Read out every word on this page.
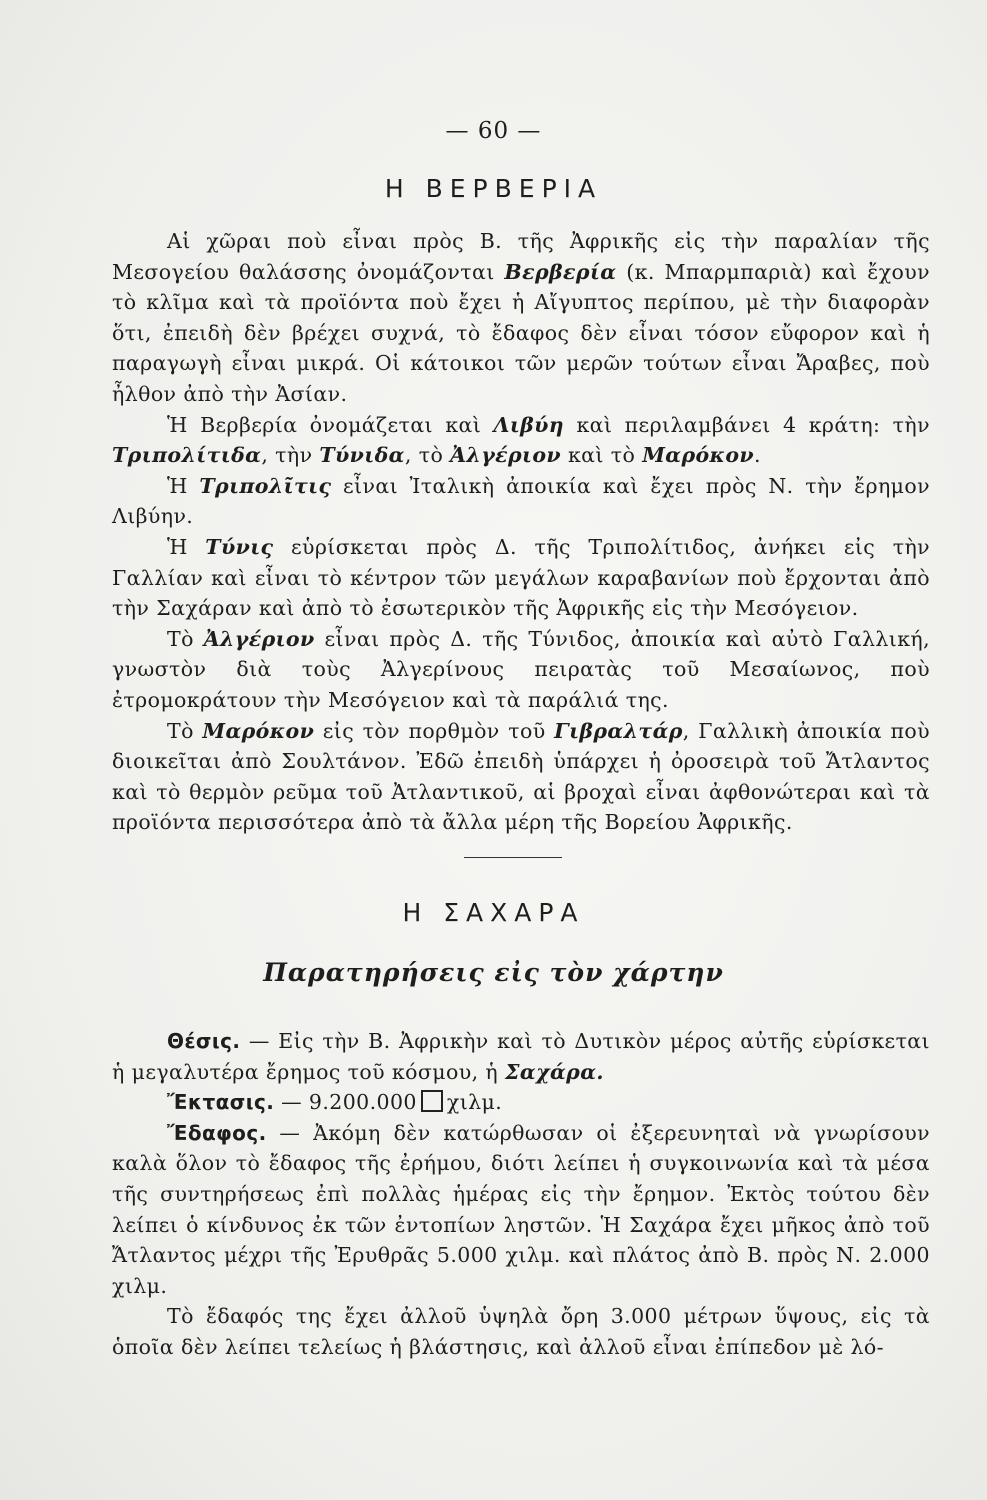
— 60 —
Η ΒΕΡΒΕΡΙΑ

Αἱ χῶραι ποὺ εἶναι πρὸς Β. τῆς Ἀφρικῆς εἰς τὴν παραλίαν τῆς Μεσογείου θαλάσσης ὀνομάζονται Βερβερία (κ. Μπαρμπαριὰ) καὶ ἔχουν τὸ κλῖμα καὶ τὰ προϊόντα ποὺ ἔχει ἡ Αἴγυπτος περίπου, μὲ τὴν διαφορὰν ὅτι, ἐπειδὴ δὲν βρέχει συχνά, τὸ ἔδαφος δὲν εἶναι τόσον εὔφορον καὶ ἡ παραγωγὴ εἶναι μικρά. Οἱ κάτοικοι τῶν μερῶν τούτων εἶναι Ἄραβες, ποὺ ἦλθον ἀπὸ τὴν Ἀσίαν.

Ἡ Βερβερία ὀνομάζεται καὶ Λιβύη καὶ περιλαμβάνει 4 κράτη: τὴν Τριπολίτιδα, τὴν Τύνιδα, τὸ Ἀλγέριον καὶ τὸ Μαρόκον.

Ἡ Τριπολῖτις εἶναι Ἰταλικὴ ἀποικία καὶ ἔχει πρὸς Ν. τὴν ἔρημον Λιβύην.

Ἡ Τύνις εὑρίσκεται πρὸς Δ. τῆς Τριπολίτιδος, ἀνήκει εἰς τὴν Γαλλίαν καὶ εἶναι τὸ κέντρον τῶν μεγάλων καραβανίων ποὺ ἔρχονται ἀπὸ τὴν Σαχάραν καὶ ἀπὸ τὸ ἐσωτερικὸν τῆς Ἀφρικῆς εἰς τὴν Μεσόγειον.

Τὸ Ἀλγέριον εἶναι πρὸς Δ. τῆς Τύνιδος, ἀποικία καὶ αὐτὸ Γαλλική, γνωστὸν διὰ τοὺς Ἀλγερίνους πειρατὰς τοῦ Μεσαίωνος, ποὺ ἐτρομοκράτουν τὴν Μεσόγειον καὶ τὰ παράλιά της.

Τὸ Μαρόκον εἰς τὸν πορθμὸν τοῦ Γιβραλτάρ, Γαλλικὴ ἀποικία ποὺ διοικεῖται ἀπὸ Σουλτάνον. Ἐδῶ ἐπειδὴ ὑπάρχει ἡ ὀροσειρὰ τοῦ Ἄτλαντος καὶ τὸ θερμὸν ρεῦμα τοῦ Ἀτλαντικοῦ, αἱ βροχαὶ εἶναι ἀφθονώτεραι καὶ τὰ προϊόντα περισσότερα ἀπὸ τὰ ἄλλα μέρη τῆς Βορείου Ἀφρικῆς.

Η ΣΑΧΑΡΑ
Παρατηρήσεις εἰς τὸν χάρτην

Θέσις. — Εἰς τὴν Β. Ἀφρικὴν καὶ τὸ Δυτικὸν μέρος αὐτῆς εὑρίσκεται ἡ μεγαλυτέρα ἔρημος τοῦ κόσμου, ἡ Σαχάρα.

Ἔκτασις. — 9.200.000 χιλμ.

Ἔδαφος. — Ἀκόμη δὲν κατώρθωσαν οἱ ἐξερευνηταὶ νὰ γνωρίσουν καλὰ ὅλον τὸ ἔδαφος τῆς ἐρήμου, διότι λείπει ἡ συγκοινωνία καὶ τὰ μέσα τῆς συντηρήσεως ἐπὶ πολλὰς ἡμέρας εἰς τὴν ἔρημον. Ἐκτὸς τούτου δὲν λείπει ὁ κίνδυνος ἐκ τῶν ἐντοπίων ληστῶν. Ἡ Σαχάρα ἔχει μῆκος ἀπὸ τοῦ Ἄτλαντος μέχρι τῆς Ἐρυθρᾶς 5.000 χιλμ. καὶ πλάτος ἀπὸ Β. πρὸς Ν. 2.000 χιλμ.

Τὸ ἔδαφός της ἔχει ἀλλοῦ ὑψηλὰ ὄρη 3.000 μέτρων ὕψους, εἰς τὰ ὁποῖα δὲν λείπει τελείως ἡ βλάστησις, καὶ ἀλλοῦ εἶναι ἐπίπεδον μὲ λό-
